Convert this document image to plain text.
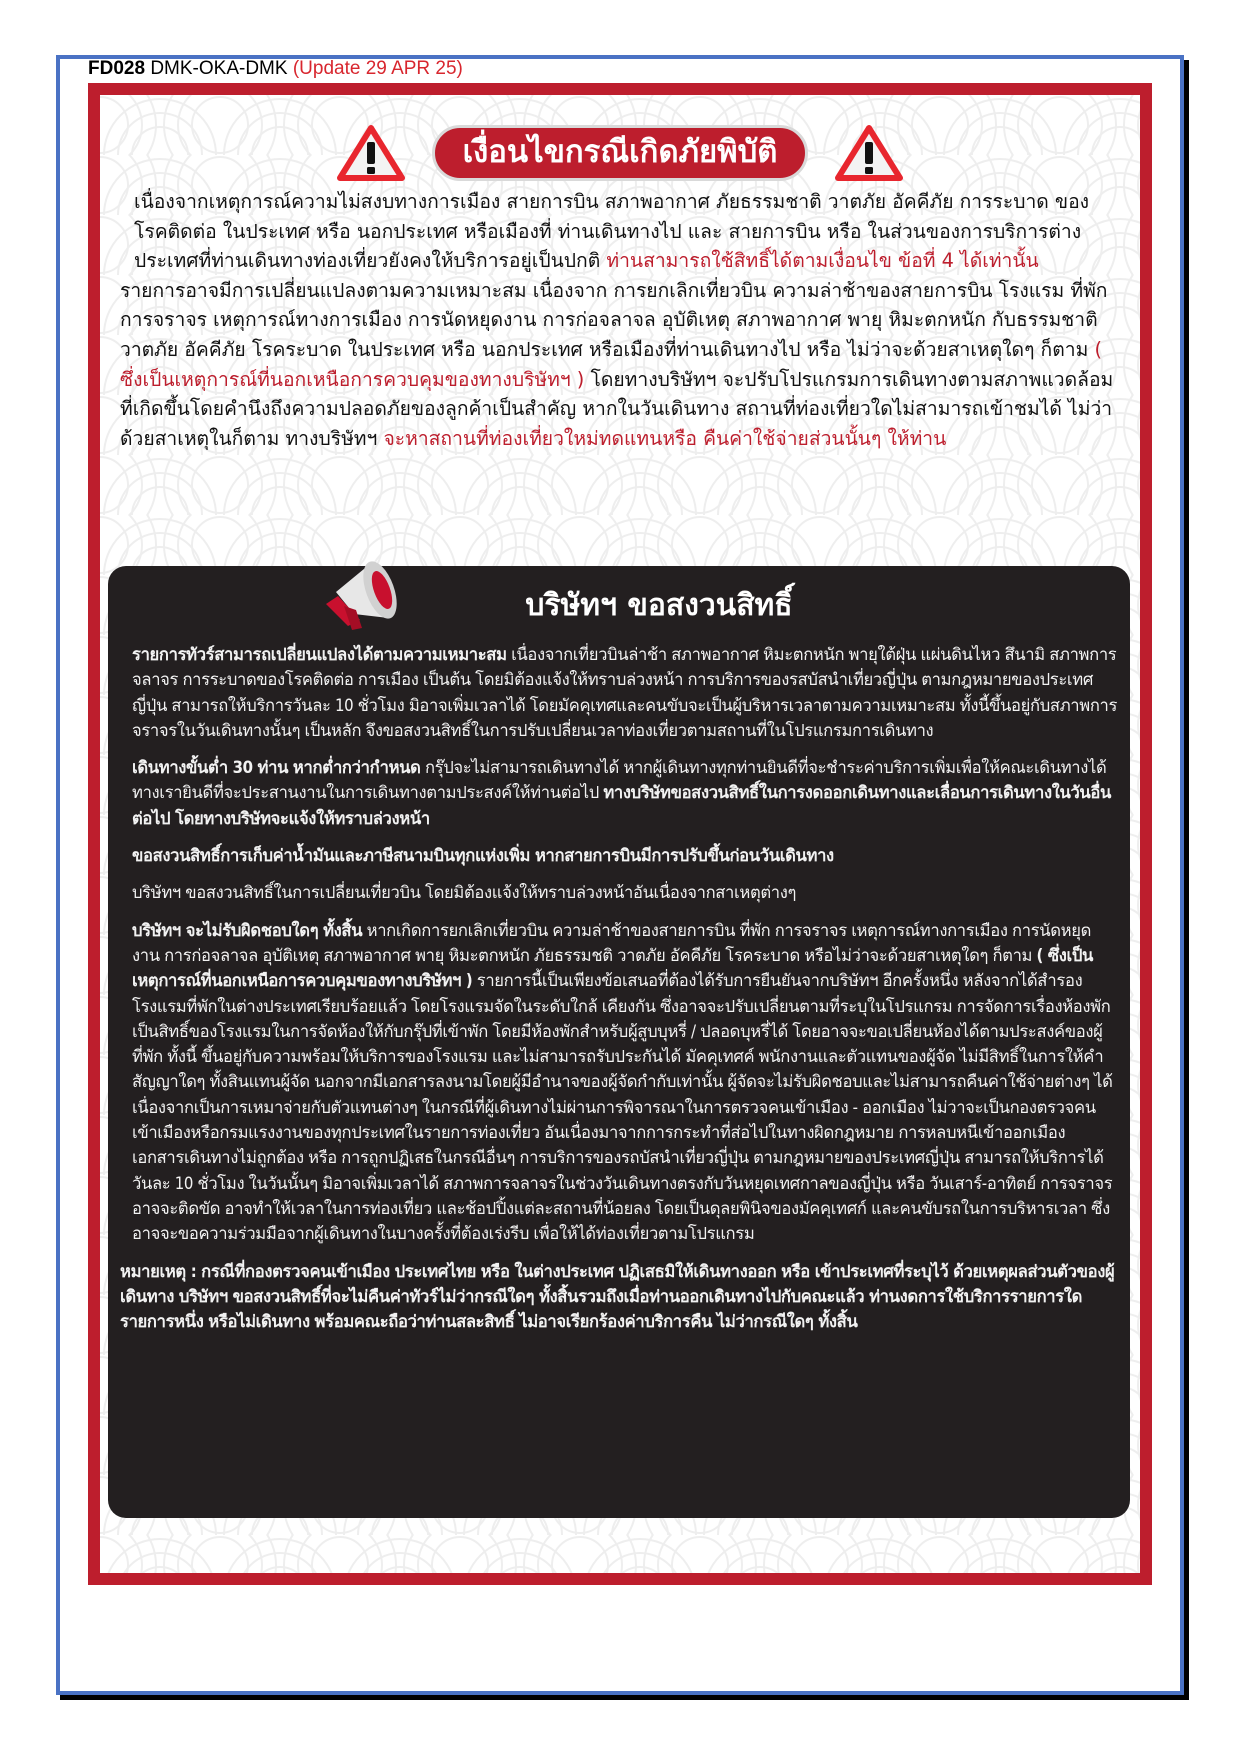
FD028 DMK-OKA-DMK (Update 29 APR 25)
เงื่อนไขกรณีเกิดภัยพิบัติ

เนื่องจากเหตุการณ์ความไม่สงบทางการเมือง สายการบิน สภาพอากาศ ภัยธรรมชาติ วาตภัย อัคคีภัย การระบาด ของโรคติดต่อ ในประเทศ หรือ นอกประเทศ หรือเมืองที่ ท่านเดินทางไป และ สายการบิน หรือ ในส่วนของการบริการต่างประเทศที่ท่านเดินทางท่องเที่ยวยังคงให้บริการอยู่เป็นปกติ ท่านสามารถใช้สิทธิ์ได้ตามเงื่อนไข ข้อที่ 4 ได้เท่านั้น

รายการอาจมีการเปลี่ยนแปลงตามความเหมาะสม เนื่องจาก การยกเลิกเที่ยวบิน ความล่าช้าของสายการบิน โรงแรม ที่พัก การจราจร เหตุการณ์ทางการเมือง การนัดหยุดงาน การก่อจลาจล อุบัติเหตุ สภาพอากาศ พายุ หิมะตกหนัก กับธรรมชาติ วาตภัย อัคคีภัย โรคระบาด ในประเทศ หรือ นอกประเทศ หรือเมืองที่ท่านเดินทางไป หรือ ไม่ว่าจะด้วยสาเหตุใดๆ ก็ตาม ( ซึ่งเป็นเหตุการณ์ที่นอกเหนือการควบคุมของทางบริษัทฯ ) โดยทางบริษัทฯ จะปรับโปรแกรมการเดินทางตามสภาพแวดล้อมที่เกิดขึ้นโดยคำนึงถึงความปลอดภัยของลูกค้าเป็นสำคัญ หากในวันเดินทาง สถานที่ท่องเที่ยวใดไม่สามารถเข้าชมได้ ไม่ว่าด้วยสาเหตุในก็ตาม ทางบริษัทฯ จะหาสถานที่ท่องเที่ยวใหม่ทดแทนหรือ คืนค่าใช้จ่ายส่วนนั้นๆ ให้ท่าน

บริษัทฯ ขอสงวนสิทธิ์

รายการทัวร์สามารถเปลี่ยนแปลงได้ตามความเหมาะสม เนื่องจากเที่ยวบินล่าช้า สภาพอากาศ หิมะตกหนัก พายุใต้ฝุ่น แผ่นดินไหว สึนามิ สภาพการจลาจร การระบาดของโรคติดต่อ การเมือง เป็นต้น โดยมิต้องแจ้งให้ทราบล่วงหน้า การบริการของรสบัสนำเที่ยวญี่ปุ่น ตามกฎหมายของประเทศญี่ปุ่น สามารถให้บริการวันละ 10 ชั่วโมง มิอาจเพิ่มเวลาได้ โดยมัคคุเทศและคนขับจะเป็นผู้บริหารเวลาตามความเหมาะสม ทั้งนี้ขึ้นอยู่กับสภาพการจราจรในวันเดินทางนั้นๆ เป็นหลัก จึงขอสงวนสิทธิ์ในการปรับเปลี่ยนเวลาท่องเที่ยวตามสถานที่ในโปรแกรมการเดินทาง

เดินทางขั้นต่ำ 30 ท่าน หากต่ำกว่ากำหนด กรุ๊ปจะไม่สามารถเดินทางได้ หากผู้เดินทางทุกท่านยินดีที่จะชำระค่าบริการเพิ่มเพื่อให้คณะเดินทางได้ ทางเรายินดีที่จะประสานงานในการเดินทางตามประสงค์ให้ท่านต่อไป ทางบริษัทขอสงวนสิทธิ์ในการงดออกเดินทางและเลื่อนการเดินทางในวันอื่นต่อไป โดยทางบริษัทจะแจ้งให้ทราบล่วงหน้า

ขอสงวนสิทธิ์การเก็บค่าน้ำมันและภาษีสนามบินทุกแห่งเพิ่ม หากสายการบินมีการปรับขึ้นก่อนวันเดินทาง

บริษัทฯ ขอสงวนสิทธิ์ในการเปลี่ยนเที่ยวบิน โดยมิต้องแจ้งให้ทราบล่วงหน้าอันเนื่องจากสาเหตุต่างๆ

บริษัทฯ จะไม่รับผิดชอบใดๆ ทั้งสิ้น หากเกิดการยกเลิกเที่ยวบิน ความล่าช้าของสายการบิน ที่พัก การจราจร เหตุการณ์ทางการเมือง การนัดหยุดงาน การก่อจลาจล อุบัติเหตุ สภาพอากาศ พายุ หิมะตกหนัก ภัยธรรมชติ วาตภัย อัคคีภัย โรคระบาด หรือไม่ว่าจะด้วยสาเหตุใดๆ ก็ตาม ( ซึ่งเป็นเหตุการณ์ที่นอกเหนือการควบคุมของทางบริษัทฯ ) รายการนี้เป็นเพียงข้อเสนอที่ต้องได้รับการยืนยันจากบริษัทฯ อีกครั้งหนึ่ง หลังจากได้สำรองโรงแรมที่พักในต่างประเทศเรียบร้อยแล้ว โดยโรงแรมจัดในระดับใกล้ เคียงกัน ซึ่งอาจจะปรับเปลี่ยนตามที่ระบุในโปรแกรม การจัดการเรื่องห้องพัก เป็นสิทธิ์ของโรงแรมในการจัดห้องให้กับกรุ๊ปที่เข้าพัก โดยมีห้องพักสำหรับผู้สูบบุหรี่ / ปลอดบุหรี่ได้ โดยอาจจะขอเปลี่ยนห้องได้ตามประสงค์ของผู้ที่พัก ทั้งนี้ ขึ้นอยู่กับความพร้อมให้บริการของโรงแรม และไม่สามารถรับประกันได้ มัคคุเทศค์ พนักงานและตัวแทนของผู้จัด ไม่มีสิทธิ์ในการให้คำสัญญาใดๆ ทั้งสินแทนผู้จัด นอกจากมีเอกสารลงนามโดยผู้มีอำนาจของผู้จัดกำกับเท่านั้น ผู้จัดจะไม่รับผิดชอบและไม่สามารถคืนค่าใช้จ่ายต่างๆ ได้เนื่องจากเป็นการเหมาจ่ายกับตัวแทนต่างๆ ในกรณีที่ผู้เดินทางไม่ผ่านการพิจารณาในการตรวจคนเข้าเมือง - ออกเมือง ไม่วาจะเป็นกองตรวจคนเข้าเมืองหรือกรมแรงงานของทุกประเทศในรายการท่องเที่ยว อันเนื่องมาจากการกระทำที่ส่อไปในทางผิดกฎหมาย การหลบหนีเข้าออกเมือง เอกสารเดินทางไม่ถูกต้อง หรือ การถูกปฏิเสธในกรณีอื่นๆ การบริการของรถบัสนำเที่ยวญี่ปุ่น ตามกฎหมายของประเทศญี่ปุ่น สามารถให้บริการได้วันละ 10 ชั่วโมง ในวันนั้นๆ มิอาจเพิ่มเวลาได้ สภาพการจลาจรในช่วงวันเดินทางตรงกับวันหยุดเทศกาลของญี่ปุ่น หรือ วันเสาร์-อาทิตย์ การจราจรอาจจะติดขัด อาจทำให้เวลาในการท่องเที่ยว และช้อปปิ้งแต่ละสถานที่น้อยลง โดยเป็นดุลยพินิจของมัคคุเทศก์ และคนขับรถในการบริหารเวลา ซึ่งอาจจะขอความร่วมมือจากผู้เดินทางในบางครั้งที่ต้องเร่งรีบ เพื่อให้ได้ท่องเที่ยวตามโปรแกรม

หมายเหตุ : กรณีที่กองตรวจคนเข้าเมือง ประเทศไทย หรือ ในต่างประเทศ ปฏิเสธมิให้เดินทางออก หรือ เข้าประเทศที่ระบุไว้ ด้วยเหตุผลส่วนตัวของผู้เดินทาง บริษัทฯ ขอสงวนสิทธิ์ที่จะไม่คืนค่าทัวร์ไม่ว่ากรณีใดๆ ทั้งสิ้นรวมถึงเมื่อท่านออกเดินทางไปกับคณะแล้ว ท่านงดการใช้บริการรายการใดรายการหนึ่ง หรือไม่เดินทาง พร้อมคณะถือว่าท่านสละสิทธิ์ ไม่อาจเรียกร้องค่าบริการคืน ไม่ว่ากรณีใดๆ ทั้งสิ้น
